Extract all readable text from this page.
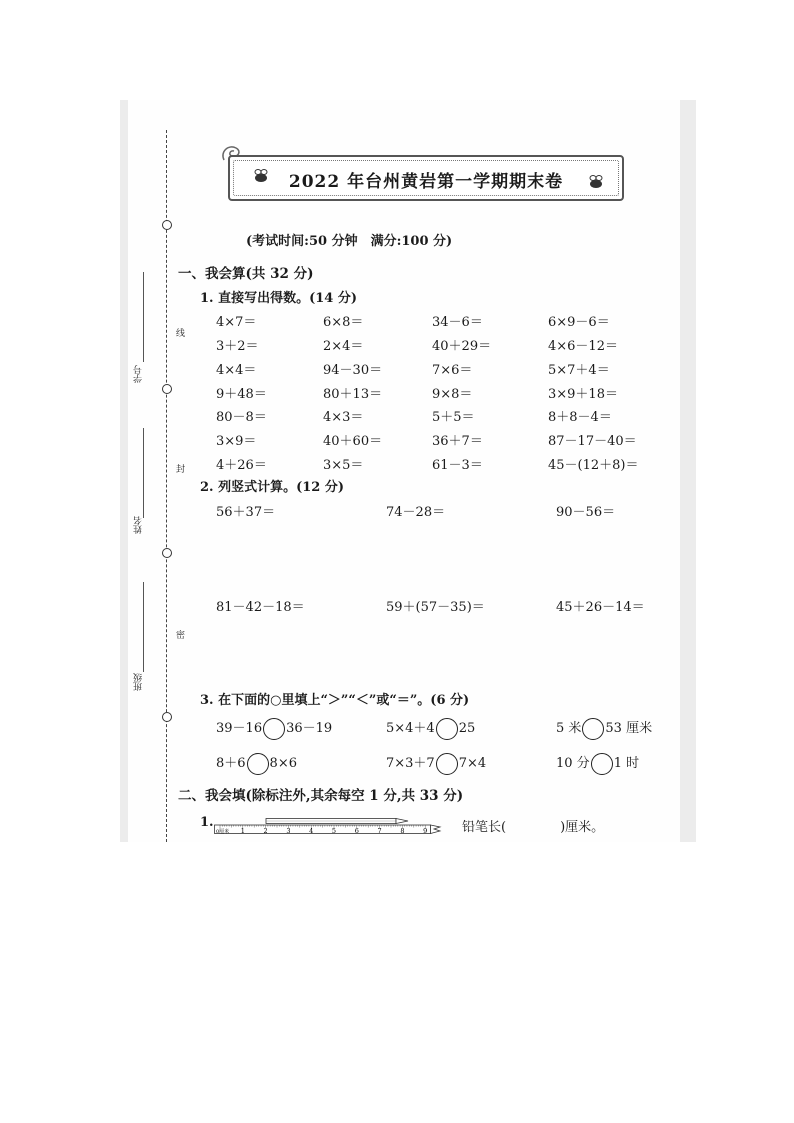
线
封
密
学号
姓名
班级
2022 年台州黄岩第一学期期末卷
(考试时间:50 分钟　满分:100 分)
一、我会算(共 32 分)
1. 直接写出得数。(14 分)
4×7＝	6×8＝	34－6＝	6×9－6＝
3＋2＝	2×4＝	40＋29＝	4×6－12＝
4×4＝	94－30＝	7×6＝	5×7＋4＝
9＋48＝	80＋13＝	9×8＝	3×9＋18＝
80－8＝	4×3＝	5＋5＝	8＋8－4＝
3×9＝	40＋60＝	36＋7＝	87－17－40＝
4＋26＝	3×5＝	61－3＝	45－(12＋8)＝
2. 列竖式计算。(12 分)
56＋37＝	74－28＝	90－56＝
81－42－18＝	59＋(57－35)＝	45＋26－14＝
3. 在下面的○里填上“＞”“＜”或“＝”。(6 分)
39－16 36－19	5×4＋4 25	5 米 53 厘米
8＋6 8×6	7×3＋7 7×4	10 分 1 时
二、我会填(除标注外,其余每空 1 分,共 33 分)
1.
0厘米 1	2	3	4	5	6	7	8	9	铅笔长(	)厘米。
